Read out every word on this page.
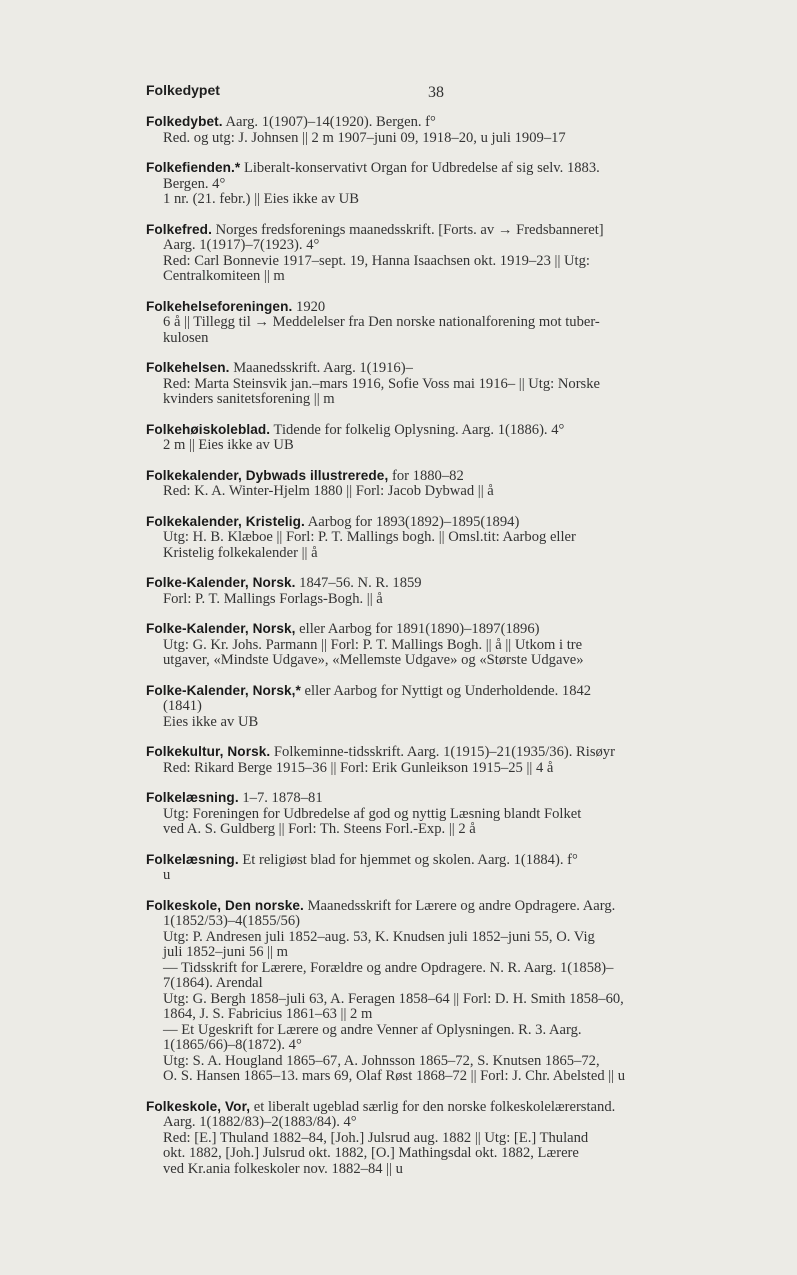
Folkedypet	38
Folkedybet. Aarg. 1(1907)–14(1920). Bergen. f°
Red. og utg: J. Johnsen || 2 m 1907–juni 09, 1918–20, u juli 1909–17
Folkefienden.* Liberalt-konservativt Organ for Udbredelse af sig selv. 1883.
Bergen. 4°
1 nr. (21. febr.) || Eies ikke av UB
Folkefred. Norges fredsforenings maanedsskrift. [Forts. av → Fredsbanneret]
Aarg. 1(1917)–7(1923). 4°
Red: Carl Bonnevie 1917–sept. 19, Hanna Isaachsen okt. 1919–23 || Utg:
Centralkomiteen || m
Folkehelseforeningen. 1920
6 å || Tillegg til → Meddelelser fra Den norske nationalforening mot tuber-
kulosen
Folkehelsen. Maanedsskrift. Aarg. 1(1916)–
Red: Marta Steinsvik jan.–mars 1916, Sofie Voss mai 1916– || Utg: Norske
kvinders sanitetsforening || m
Folkehøiskoleblad. Tidende for folkelig Oplysning. Aarg. 1(1886). 4°
2 m || Eies ikke av UB
Folkekalender, Dybwads illustrerede, for 1880–82
Red: K. A. Winter-Hjelm 1880 || Forl: Jacob Dybwad || å
Folkekalender, Kristelig. Aarbog for 1893(1892)–1895(1894)
Utg: H. B. Klæboe || Forl: P. T. Mallings bogh. || Omsl.tit: Aarbog eller
Kristelig folkekalender || å
Folke-Kalender, Norsk. 1847–56. N. R. 1859
Forl: P. T. Mallings Forlags-Bogh. || å
Folke-Kalender, Norsk, eller Aarbog for 1891(1890)–1897(1896)
Utg: G. Kr. Johs. Parmann || Forl: P. T. Mallings Bogh. || å || Utkom i tre
utgaver, «Mindste Udgave», «Mellemste Udgave» og «Største Udgave»
Folke-Kalender, Norsk,* eller Aarbog for Nyttigt og Underholdende. 1842
(1841)
Eies ikke av UB
Folkekultur, Norsk. Folkeminne-tidsskrift. Aarg. 1(1915)–21(1935/36). Risøyr
Red: Rikard Berge 1915–36 || Forl: Erik Gunleikson 1915–25 || 4 å
Folkelæsning. 1–7. 1878–81
Utg: Foreningen for Udbredelse af god og nyttig Læsning blandt Folket
ved A. S. Guldberg || Forl: Th. Steens Forl.-Exp. || 2 å
Folkelæsning. Et religiøst blad for hjemmet og skolen. Aarg. 1(1884). f°
u
Folkeskole, Den norske. Maanedsskrift for Lærere og andre Opdragere. Aarg.
1(1852/53)–4(1855/56)
Utg: P. Andresen juli 1852–aug. 53, K. Knudsen juli 1852–juni 55, O. Vig
juli 1852–juni 56 || m
— Tidsskrift for Lærere, Forældre og andre Opdragere. N. R. Aarg. 1(1858)–
7(1864). Arendal
Utg: G. Bergh 1858–juli 63, A. Feragen 1858–64 || Forl: D. H. Smith 1858–60,
1864, J. S. Fabricius 1861–63 || 2 m
— Et Ugeskrift for Lærere og andre Venner af Oplysningen. R. 3. Aarg.
1(1865/66)–8(1872). 4°
Utg: S. A. Hougland 1865–67, A. Johnsson 1865–72, S. Knutsen 1865–72,
O. S. Hansen 1865–13. mars 69, Olaf Røst 1868–72 || Forl: J. Chr. Abelsted || u
Folkeskole, Vor, et liberalt ugeblad særlig for den norske folkeskolelærerstand.
Aarg. 1(1882/83)–2(1883/84). 4°
Red: [E.] Thuland 1882–84, [Joh.] Julsrud aug. 1882 || Utg: [E.] Thuland
okt. 1882, [Joh.] Julsrud okt. 1882, [O.] Mathingsdal okt. 1882, Lærere
ved Kr.ania folkeskoler nov. 1882–84 || u
